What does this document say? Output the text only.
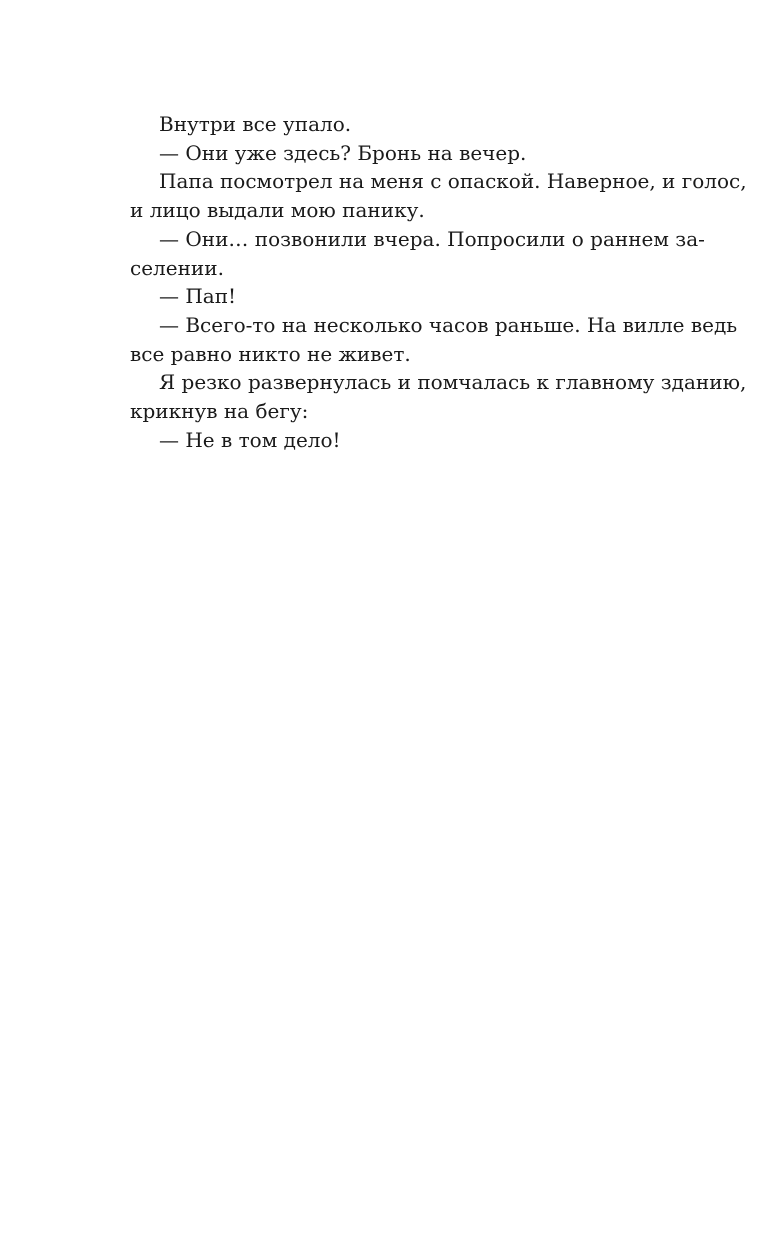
Внутри все упало.

— Они уже здесь? Бронь на вечер.

Папа посмотрел на меня с опаской. Наверное, и голос,
и лицо выдали мою панику.

— Они… позвонили вчера. Попросили о раннем за-
селении.

— Пап!

— Всего-то на несколько часов раньше. На вилле ведь
все равно никто не живет.

Я резко развернулась и помчалась к главному зданию,
крикнув на бегу:

— Не в том дело!
